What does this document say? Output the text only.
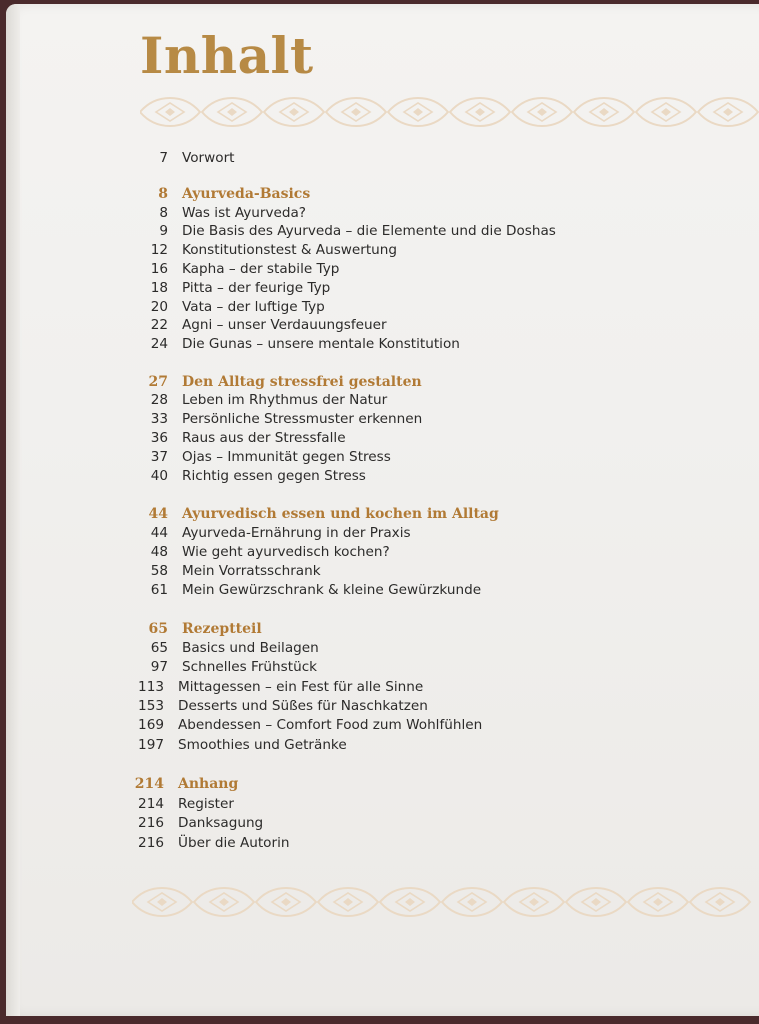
Inhalt
7 Vorwort
8 Ayurveda-Basics
8 Was ist Ayurveda?
9 Die Basis des Ayurveda – die Elemente und die Doshas
12 Konstitutionstest & Auswertung
16 Kapha – der stabile Typ
18 Pitta – der feurige Typ
20 Vata – der luftige Typ
22 Agni – unser Verdauungsfeuer
24 Die Gunas – unsere mentale Konstitution
27 Den Alltag stressfrei gestalten
28 Leben im Rhythmus der Natur
33 Persönliche Stressmuster erkennen
36 Raus aus der Stressfalle
37 Ojas – Immunität gegen Stress
40 Richtig essen gegen Stress
44 Ayurvedisch essen und kochen im Alltag
44 Ayurveda-Ernährung in der Praxis
48 Wie geht ayurvedisch kochen?
58 Mein Vorratsschrank
61 Mein Gewürzschrank & kleine Gewürzkunde
65 Rezeptteil
65 Basics und Beilagen
97 Schnelles Frühstück
113 Mittagessen – ein Fest für alle Sinne
153 Desserts und Süßes für Naschkatzen
169 Abendessen – Comfort Food zum Wohlfühlen
197 Smoothies und Getränke
214 Anhang
214 Register
216 Danksagung
216 Über die Autorin
